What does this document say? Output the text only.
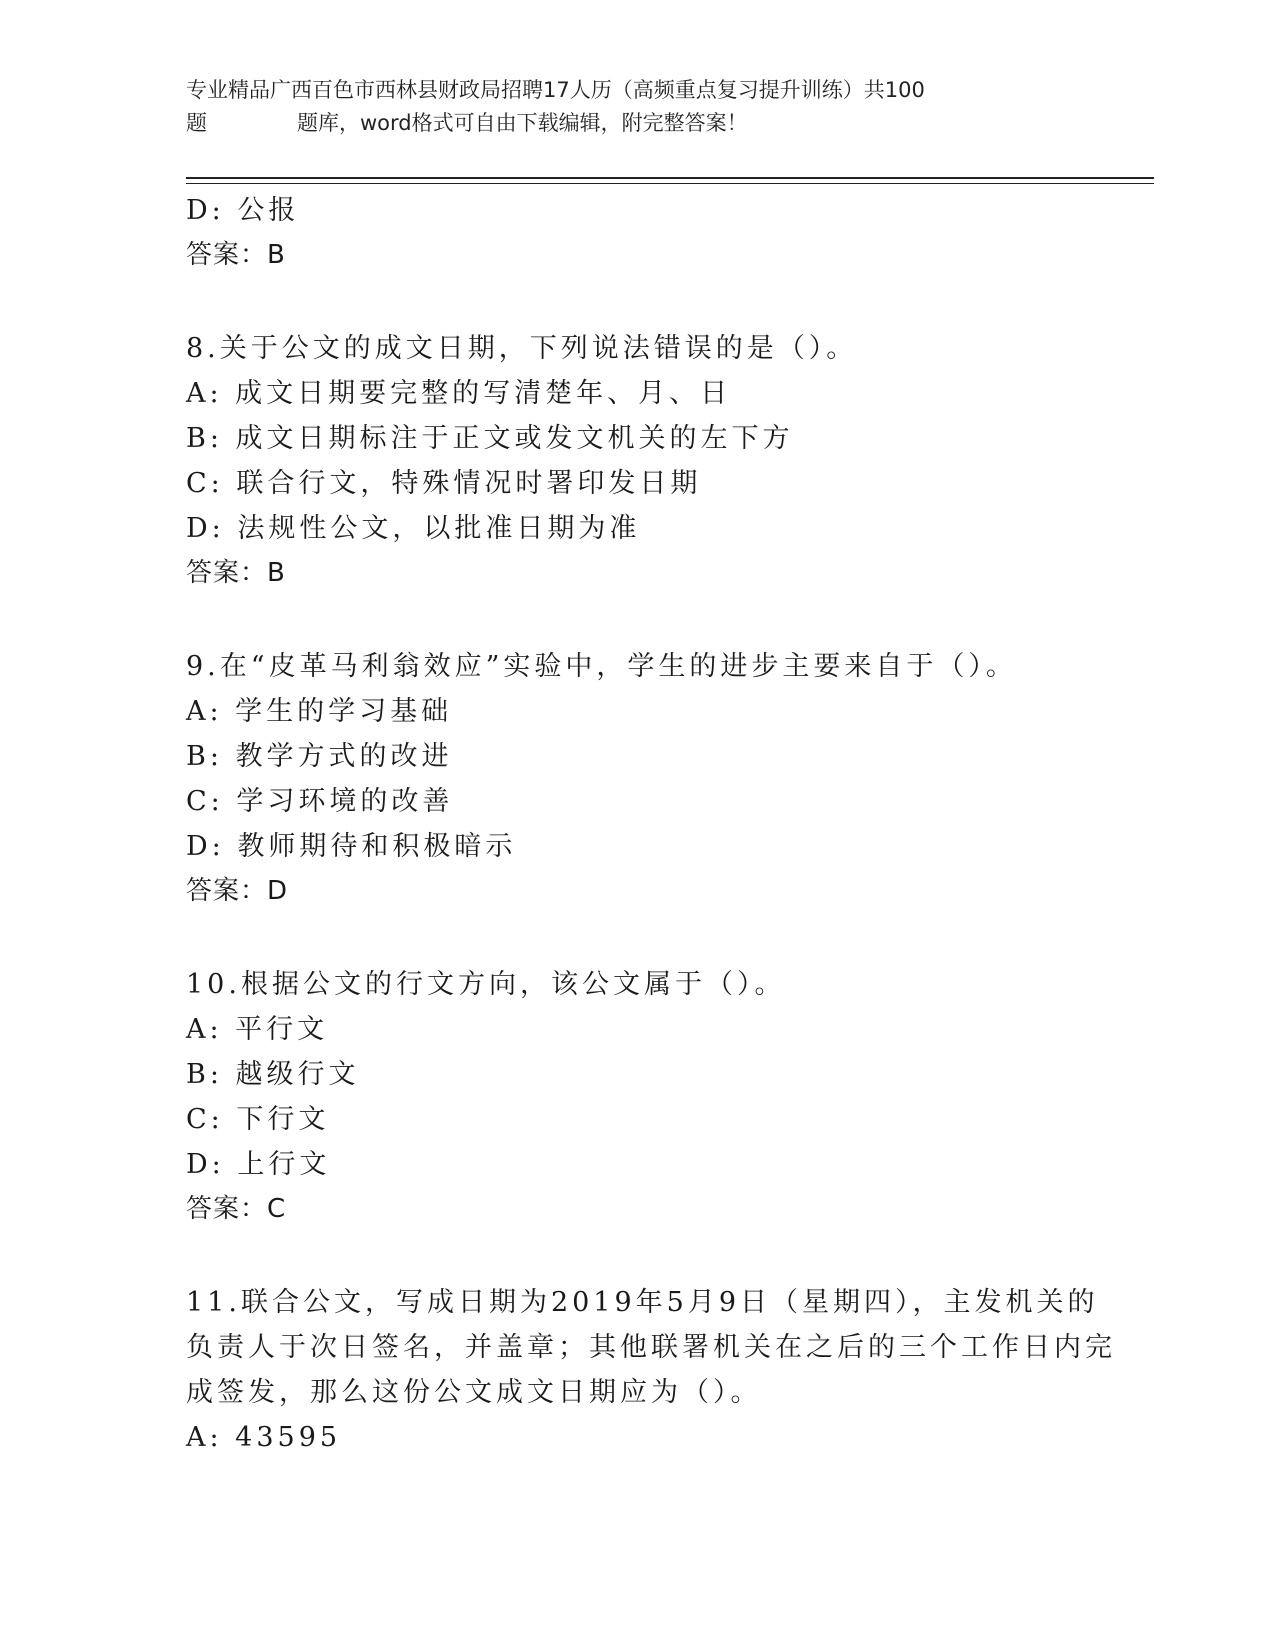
专业精品广西百色市西林县财政局招聘17人历（高频重点复习提升训练）共100
题	题库，word格式可自由下载编辑，附完整答案！
D: 公报
答案：B
8.关于公文的成文日期，下列说法错误的是（）。
A: 成文日期要完整的写清楚年、月、日
B: 成文日期标注于正文或发文机关的左下方
C: 联合行文，特殊情况时署印发日期
D: 法规性公文，以批准日期为准
答案：B
9.在“皮革马利翁效应”实验中，学生的进步主要来自于（）。
A: 学生的学习基础
B: 教学方式的改进
C: 学习环境的改善
D: 教师期待和积极暗示
答案：D
10.根据公文的行文方向，该公文属于（）。
A: 平行文
B: 越级行文
C: 下行文
D: 上行文
答案：C
11.联合公文，写成日期为2019年5月9日（星期四），主发机关的
负责人于次日签名，并盖章；其他联署机关在之后的三个工作日内完
成签发，那么这份公文成文日期应为（）。
A: 43595
